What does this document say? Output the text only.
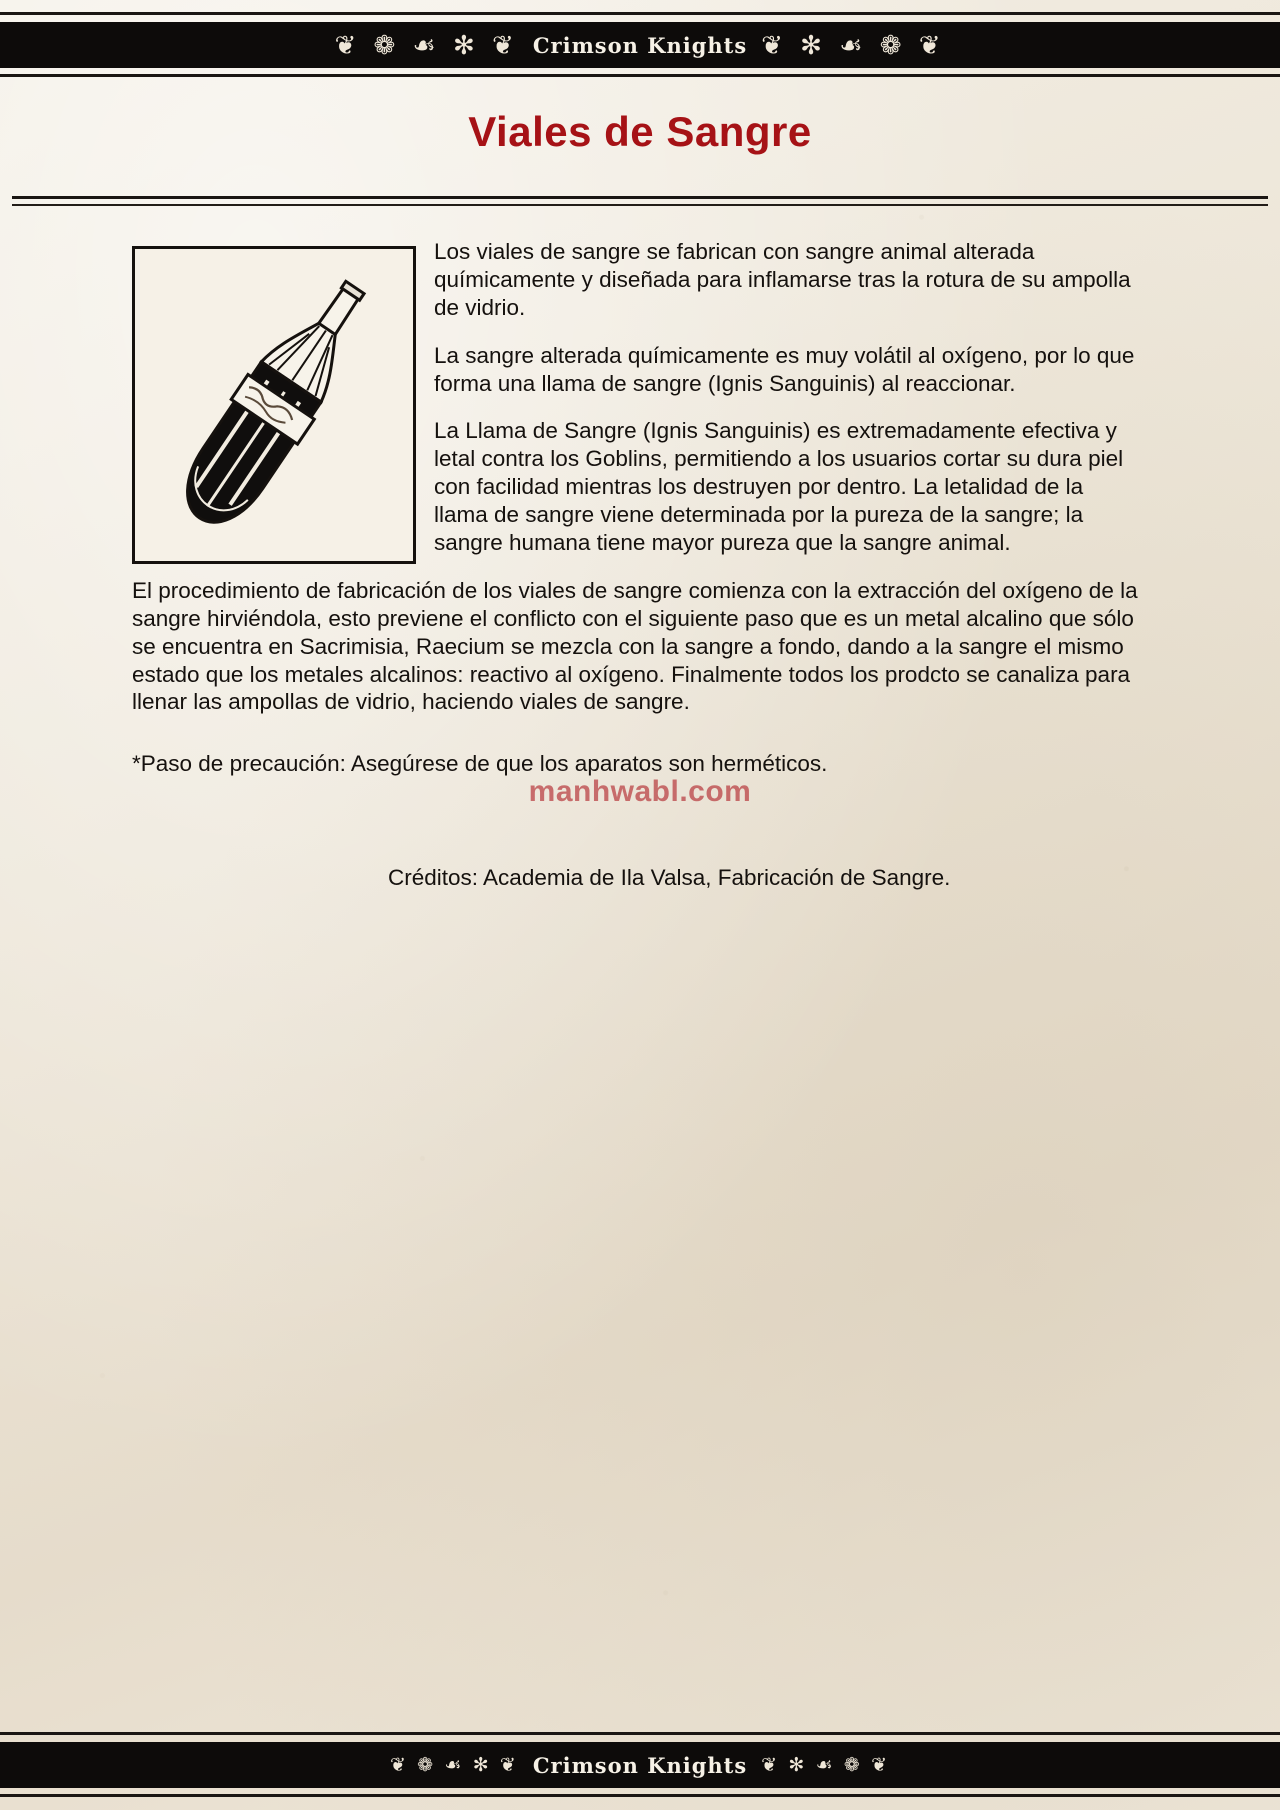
❦ ❁ ☙ ✻ ❦ Crimson Knights ❦ ✻ ☙ ❁ ❦
Viales de Sangre

Los viales de sangre se fabrican con sangre animal alterada químicamente y diseñada para inflamarse tras la rotura de su ampolla de vidrio.

La sangre alterada químicamente es muy volátil al oxígeno, por lo que forma una llama de sangre (Ignis Sanguinis) al reaccionar.

La Llama de Sangre (Ignis Sanguinis) es extremadamente efectiva y letal contra los Goblins, permitiendo a los usuarios cortar su dura piel con facilidad mientras los destruyen por dentro. La letalidad de la llama de sangre viene determinada por la pureza de la sangre; la sangre humana tiene mayor pureza que la sangre animal.

El procedimiento de fabricación de los viales de sangre comienza con la extracción del oxígeno de la sangre hirviéndola, esto previene el conflicto con el siguiente paso que es un metal alcalino que sólo se encuentra en Sacrimisia, Raecium se mezcla con la sangre a fondo, dando a la sangre el mismo estado que los metales alcalinos: reactivo al oxígeno. Finalmente todos los prodcto se canaliza para llenar las ampollas de vidrio, haciendo viales de sangre.

*Paso de precaución: Asegúrese de que los aparatos son herméticos.

Créditos: Academia de Ila Valsa, Fabricación de Sangre.

manhwabl.com
❦ ❁ ☙ ✻ ❦ Crimson Knights ❦ ✻ ☙ ❁ ❦
